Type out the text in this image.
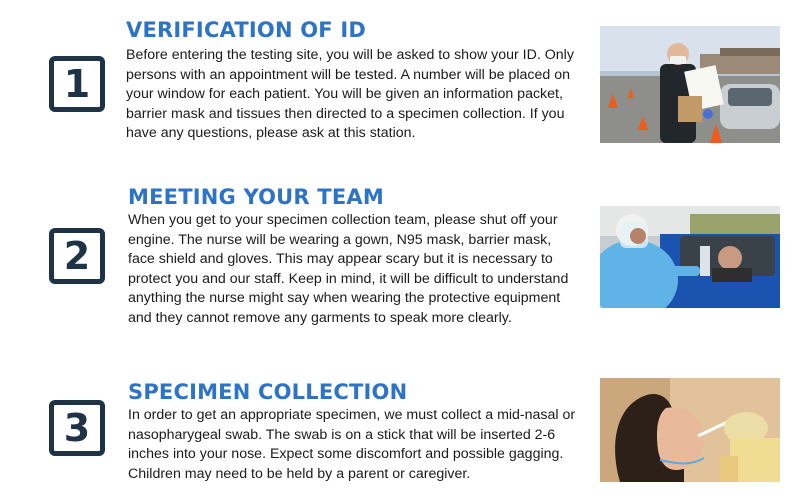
1
VERIFICATION OF ID
Before entering the testing site, you will be asked to show your ID. Only persons with an appointment will be tested. A number will be placed on your window for each patient. You will be given an information packet, barrier mask and tissues then directed to a specimen collection. If you have any questions, please ask at this station.
2
MEETING YOUR TEAM
When you get to your specimen collection team, please shut off your engine. The nurse will be wearing a gown, N95 mask, barrier mask, face shield and gloves. This may appear scary but it is necessary to protect you and our staff. Keep in mind, it will be difficult to understand anything the nurse might say when wearing the protective equipment and they cannot remove any garments to speak more clearly.
3
SPECIMEN COLLECTION
In order to get an appropriate specimen, we must collect a mid-nasal or nasopharygeal swab. The swab is on a stick that will be inserted 2-6 inches into your nose. Expect some discomfort and possible gagging. Children may need to be held by a parent or caregiver.
